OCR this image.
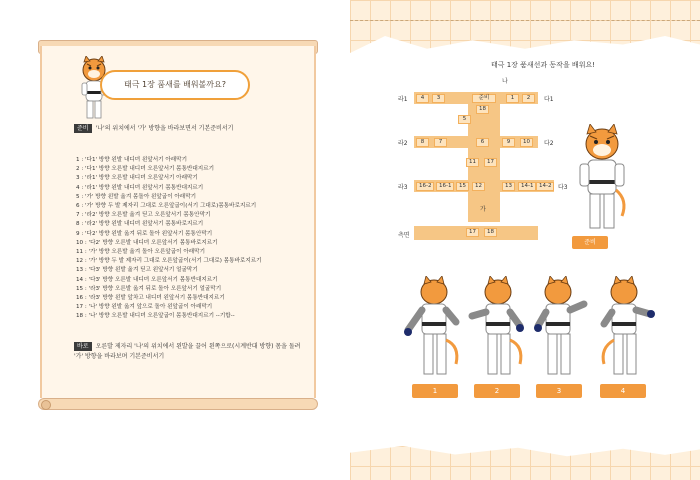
태극 1장 품새를 배워볼까요?
준비 '나'의 위치에서 '가' 방향을 바라보면서 기본준비서기
1 : '다1' 방향 왼발 내디뎌 왼앞서기 아래막기
2 : '다1' 방향 오른발 내디뎌 오른앞서기 몸통반대지르기
3 : '라1' 방향 오른발 내디뎌 오른앞서기 아래막기
4 : '라1' 방향 왼발 내디뎌 왼앞서기 몸통반대지르기
5 : '가' 방향 왼발 옮겨 몸돌아 왼앞굽이 아래막기
6 : '가' 방향 두 발 제자리 그대로 오른앞굽이(서기 그대로)몸통바로지르기
7 : '라2' 방향 오른발 옮겨 딛고 오른앞서기 몸통안막기
8 : '라2' 방향 왼발 내디뎌 왼앞서기 몸통바로지르기
9 : '다2' 방향 왼발 옮겨 뒤로 돌아 왼앞서기 몸통안막기
10 : '다2' 방향 오른발 내디뎌 오른앞서기 몸통바로지르기
11 : '가' 방향 오른발 옮겨 돌아 오른앞굽이 아래막기
12 : '가' 방향 두 발 제자리 그대로 오른앞굽이(서기 그대로) 몸통바로지르기
13 : '다3' 방향 왼발 옮겨 딛고 왼앞서기 얼굴막기
14 : '다3' 방향 오른발 내디뎌 오른앞서기 몸통반대지르기
15 : '라3' 방향 오른발 옮겨 뒤로 돌아 오른앞서기 얼굴막기
16 : '라3' 방향 왼발 앞차고 내디뎌 왼앞서기 몸통반대지르기
17 : '나' 방향 왼발 옮겨 앞으로 돌아 왼앞굽이 아래막기
18 : '나' 방향 오른발 내디뎌 오른앞굽이 몸통반대지르기 --기합--
바로 오른발 제자리 '나'의 위치에서 왼발을 끌어 왼쪽으로(시계반대 방향) 몸을 돌려 '가' 방향을 바라보며 기본준비서기
태극 1장 품새선과 동작을 배워요!
나
라1	4	3	준비	1	2	다1
18
5
라2	8	7	6	9	10	다2
11	17
라3	16-2	16-1	15	12	13	14-1	14-2	다3
가
측면	17	18
준비
1	2	3	4
